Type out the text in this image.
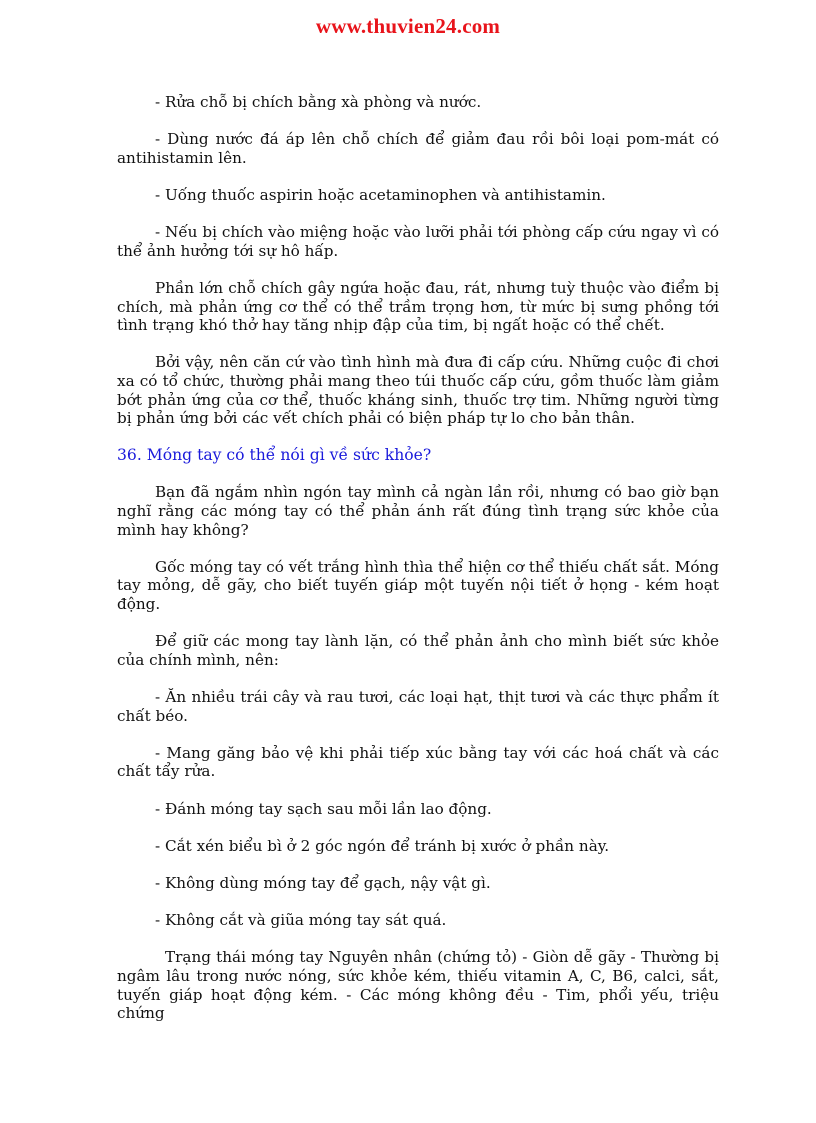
www.thuvien24.com

- Rửa chỗ bị chích bằng xà phòng và nước.

- Dùng nước đá áp lên chỗ chích để giảm đau rồi bôi loại pom-mát có antihistamin lên.

- Uống thuốc aspirin hoặc acetaminophen và antihistamin.

- Nếu bị chích vào miệng hoặc vào lưỡi phải tới phòng cấp cứu ngay vì có thể ảnh hưởng tới sự hô hấp.

Phần lớn chỗ chích gây ngứa hoặc đau, rát, nhưng tuỳ thuộc vào điểm bị chích, mà phản ứng cơ thể có thể trầm trọng hơn, từ mức bị sưng phồng tới tình trạng khó thở hay tăng nhịp đập của tim, bị ngất hoặc có thể chết.

Bởi vậy, nên căn cứ vào tình hình mà đưa đi cấp cứu. Những cuộc đi chơi xa có tổ chức, thường phải mang theo túi thuốc cấp cứu, gồm thuốc làm giảm bớt phản ứng của cơ thể, thuốc kháng sinh, thuốc trợ tim. Những người từng bị phản ứng bởi các vết chích phải có biện pháp tự lo cho bản thân.

36. Móng tay có thể nói gì về sức khỏe?

Bạn đã ngắm nhìn ngón tay mình cả ngàn lần rồi, nhưng có bao giờ bạn nghĩ rằng các móng tay có thể phản ánh rất đúng tình trạng sức khỏe của mình hay không?

Gốc móng tay có vết trắng hình thìa thể hiện cơ thể thiếu chất sắt. Móng tay mỏng, dễ gãy, cho biết tuyến giáp một tuyến nội tiết ở họng - kém hoạt động.

Để giữ các mong tay lành lặn, có thể phản ảnh cho mình biết sức khỏe của chính mình, nên:

- Ăn nhiều trái cây và rau tươi, các loại hạt, thịt tươi và các thực phẩm ít chất béo.

- Mang găng bảo vệ khi phải tiếp xúc bằng tay với các hoá chất và các chất tẩy rửa.

- Đánh móng tay sạch sau mỗi lần lao động.

- Cắt xén biểu bì ở 2 góc ngón để tránh bị xước ở phần này.

- Không dùng móng tay để gạch, nậy vật gì.

- Không cắt và giũa móng tay sát quá.

Trạng thái móng tay Nguyên nhân (chứng tỏ) - Giòn dễ gãy - Thường bị ngâm lâu trong nước nóng, sức khỏe kém, thiếu vitamin A, C, B6, calci, sắt, tuyến giáp hoạt động kém. - Các móng không đều - Tim, phổi yếu, triệu chứng
